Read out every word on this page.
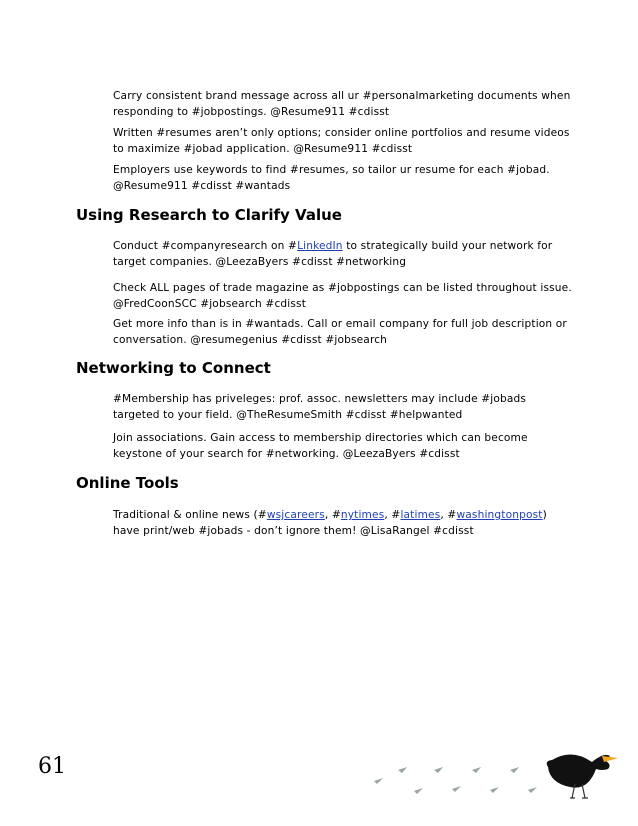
Carry consistent brand message across all ur #personalmarketing documents when responding to #jobpostings. @Resume911 #cdisst

Written #resumes aren’t only options; consider online portfolios and resume videos to maximize #jobad application. @Resume911 #cdisst

Employers use keywords to find #resumes, so tailor ur resume for each #jobad. @Resume911 #cdisst #wantads

Using Research to Clarify Value

Conduct #companyresearch on #LinkedIn to strategically build your network for target companies. @LeezaByers #cdisst #networking

Check ALL pages of trade magazine as #jobpostings can be listed throughout issue. @FredCoonSCC #jobsearch #cdisst

Get more info than is in #wantads. Call or email company for full job description or conversation. @resumegenius #cdisst #jobsearch

Networking to Connect

#Membership has priveleges: prof. assoc. newsletters may include #jobads targeted to your field. @TheResumeSmith #cdisst #helpwanted

Join associations. Gain access to membership directories which can become keystone of your search for #networking. @LeezaByers #cdisst

Online Tools

Traditional & online news (#wsjcareers, #nytimes, #latimes, #washingtonpost) have print/web #jobads - don’t ignore them! @LisaRangel #cdisst

61
